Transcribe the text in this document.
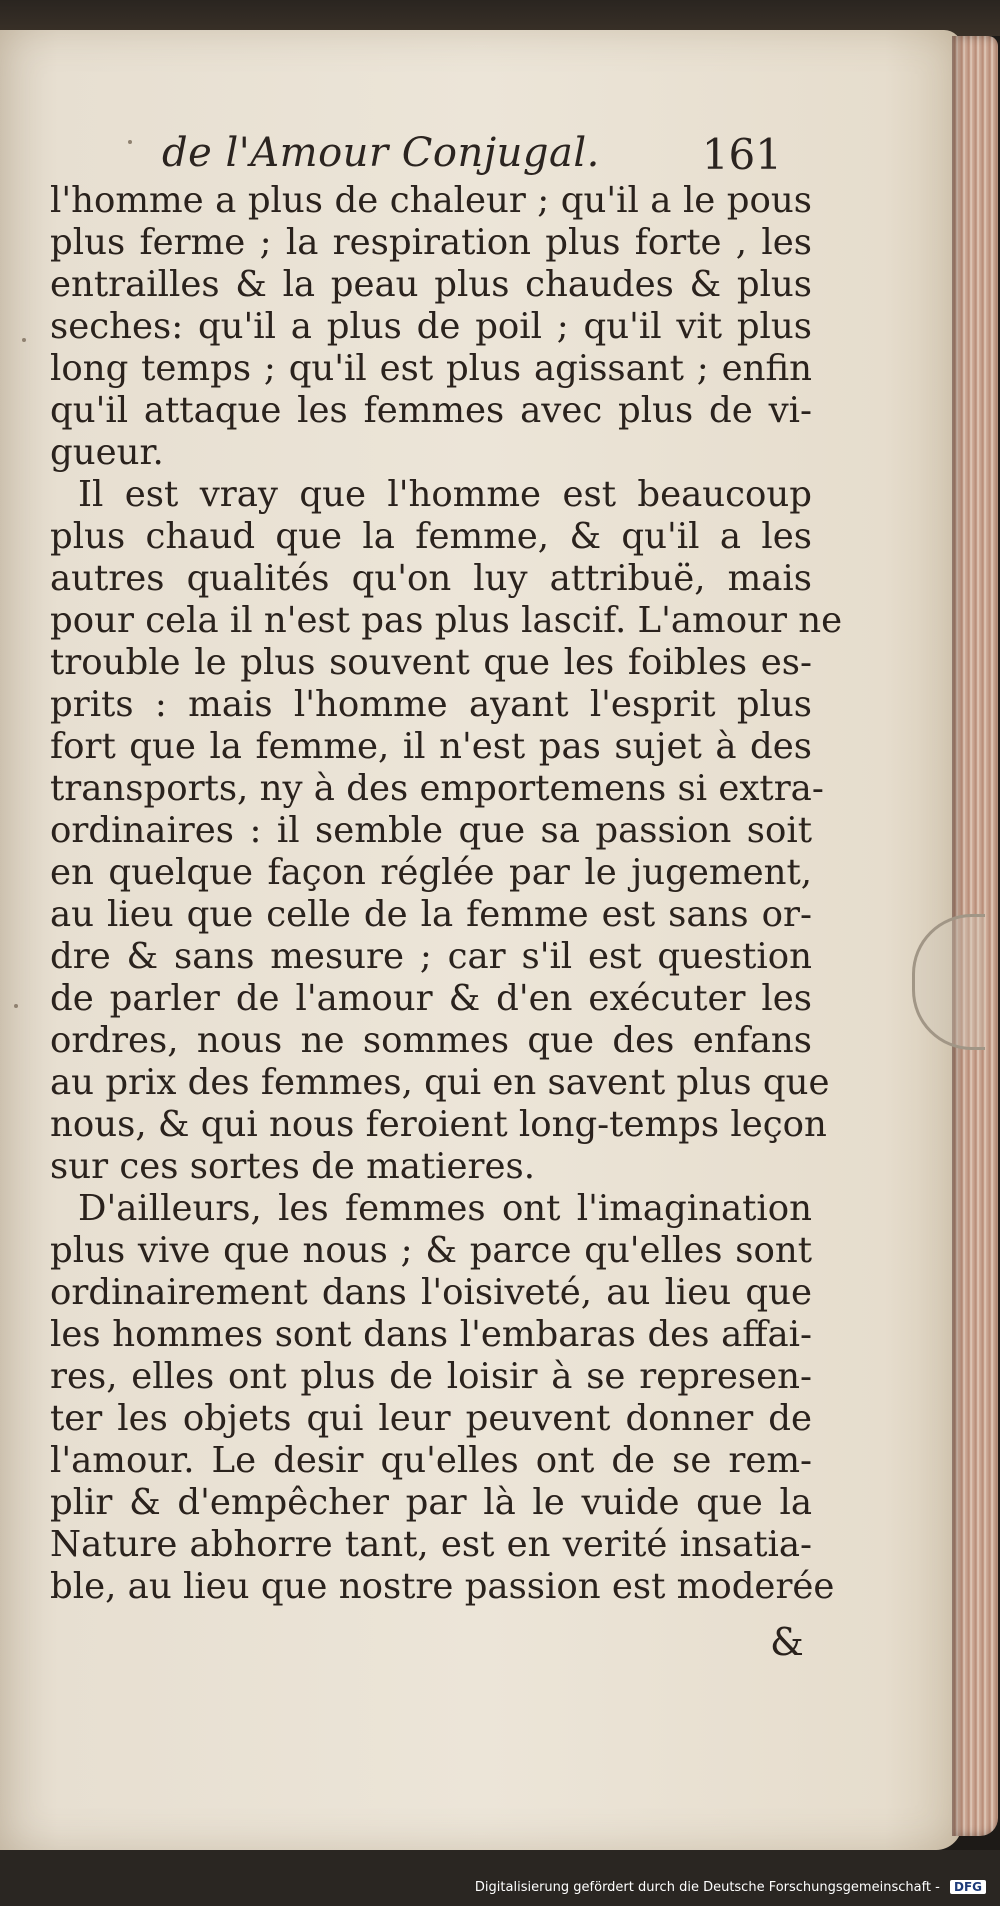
de l'Amour Conjugal. 161
l'homme a plus de chaleur ; qu'il a le pous
plus ferme ; la respiration plus forte , les
entrailles & la peau plus chaudes & plus
seches: qu'il a plus de poil ; qu'il vit plus
long temps ; qu'il est plus agissant ; enfin
qu'il attaque les femmes avec plus de vi-
gueur.
Il est vray que l'homme est beaucoup
plus chaud que la femme, & qu'il a les
autres qualités qu'on luy attribuë, mais
pour cela il n'est pas plus lascif. L'amour ne
trouble le plus souvent que les foibles es-
prits : mais l'homme ayant l'esprit plus
fort que la femme, il n'est pas sujet à des
transports, ny à des emportemens si extra-
ordinaires : il semble que sa passion soit
en quelque façon réglée par le jugement,
au lieu que celle de la femme est sans or-
dre & sans mesure ; car s'il est question
de parler de l'amour & d'en exécuter les
ordres, nous ne sommes que des enfans
au prix des femmes, qui en savent plus que
nous, & qui nous feroient long-temps leçon
sur ces sortes de matieres.
D'ailleurs, les femmes ont l'imagination
plus vive que nous ; & parce qu'elles sont
ordinairement dans l'oisiveté, au lieu que
les hommes sont dans l'embaras des affai-
res, elles ont plus de loisir à se represen-
ter les objets qui leur peuvent donner de
l'amour. Le desir qu'elles ont de se rem-
plir & d'empêcher par là le vuide que la
Nature abhorre tant, est en verité insatia-
ble, au lieu que nostre passion est moderée
&
Digitalisierung gefördert durch die Deutsche Forschungsgemeinschaft - DFG
